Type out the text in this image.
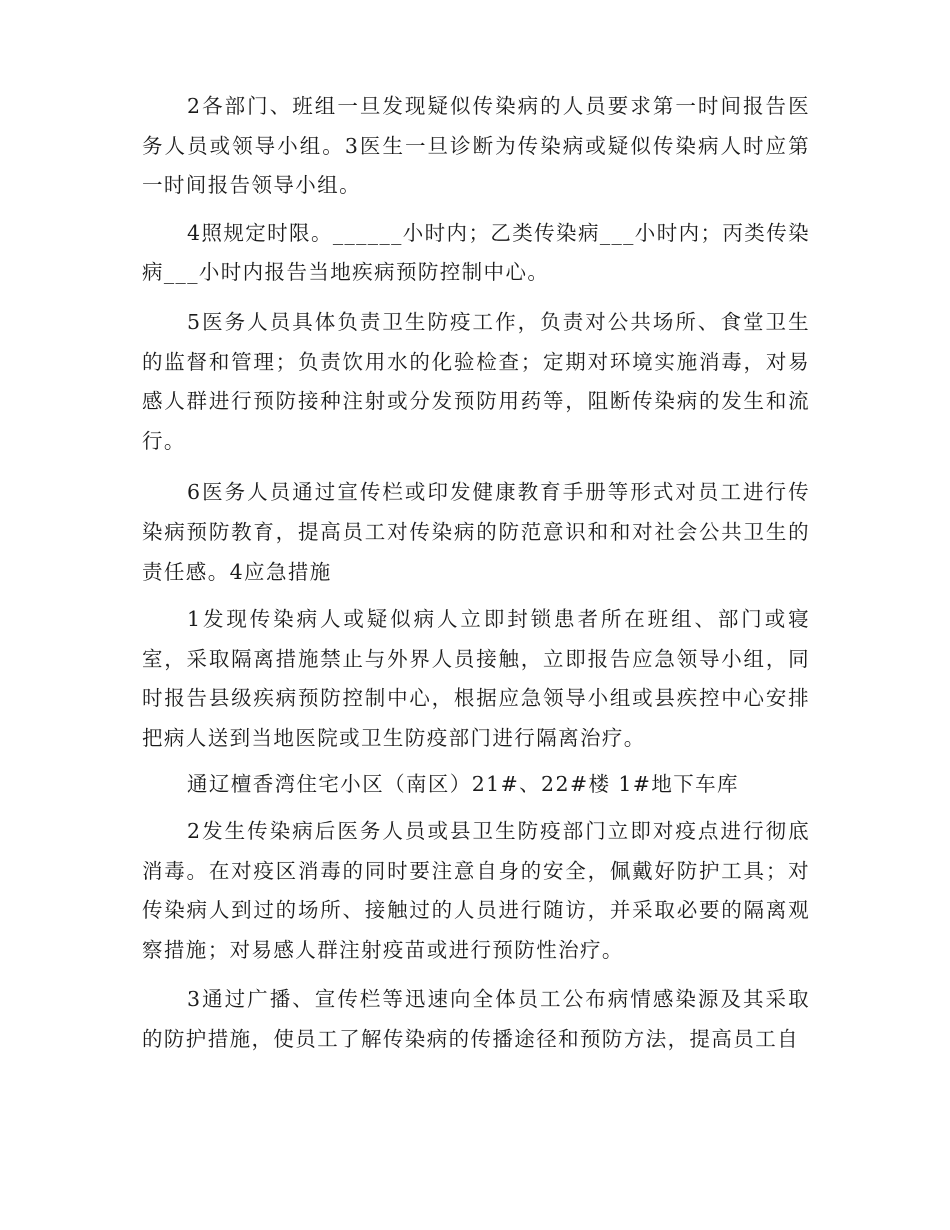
2各部门、班组一旦发现疑似传染病的人员要求第一时间报告医务人员或领导小组。3医生一旦诊断为传染病或疑似传染病人时应第一时间报告领导小组。

4照规定时限。______小时内；乙类传染病___小时内；丙类传染病___小时内报告当地疾病预防控制中心。

5医务人员具体负责卫生防疫工作，负责对公共场所、食堂卫生的监督和管理；负责饮用水的化验检查；定期对环境实施消毒，对易感人群进行预防接种注射或分发预防用药等，阻断传染病的发生和流行。

6医务人员通过宣传栏或印发健康教育手册等形式对员工进行传染病预防教育，提高员工对传染病的防范意识和和对社会公共卫生的责任感。4应急措施

1发现传染病人或疑似病人立即封锁患者所在班组、部门或寝室，采取隔离措施禁止与外界人员接触，立即报告应急领导小组，同时报告县级疾病预防控制中心，根据应急领导小组或县疾控中心安排把病人送到当地医院或卫生防疫部门进行隔离治疗。

通辽檀香湾住宅小区（南区）21#、22#楼 1#地下车库

2发生传染病后医务人员或县卫生防疫部门立即对疫点进行彻底消毒。在对疫区消毒的同时要注意自身的安全，佩戴好防护工具；对传染病人到过的场所、接触过的人员进行随访，并采取必要的隔离观察措施；对易感人群注射疫苗或进行预防性治疗。

3通过广播、宣传栏等迅速向全体员工公布病情感染源及其采取的防护措施，使员工了解传染病的传播途径和预防方法，提高员工自
